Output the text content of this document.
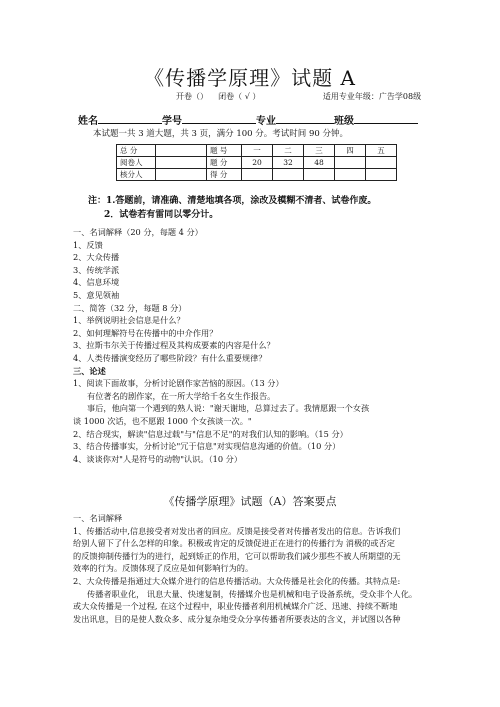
《传播学原理》试题 A
开卷（） 闭卷（ √ ）	适用专业年级：广告学08级
姓名	学号	专业	班级
本试题一共 3 道大题，共 3 页，满分 100 分。考试时间 90 分钟。
总 分		题 号	一	二	三	四	五
阅卷人		题 分	20	32	48		
核分人		得 分					
注：1.答题前，请准确、清楚地填各项，涂改及模糊不清者、试卷作废。
2．试卷若有雷同以零分计。
一、名词解释（20 分，每题 4 分）
1、反馈
2、大众传播
3、传统学派
4、信息环境
5、意见领袖
二、简答（32 分，每题 8 分）
1、举例说明社会信息是什么？
2、如何理解符号在传播中的中介作用？
3、拉斯韦尔关于传播过程及其构成要素的内容是什么？
4、人类传播演变经历了哪些阶段？有什么重要规律？
三、论述
1、阅读下面故事，分析讨论剧作家苦恼的原因。（13 分）
有位著名的剧作家，在一所大学给千名女生作报告。
事后，他向第一个遇到的熟人说："谢天谢地，总算过去了。我情愿跟一个女孩
谈 1000 次话，也不愿跟 1000 个女孩谈一次。"
2、结合现实，解读"信息过载"与"信息不足"的对我们认知的影响。（15 分）
3、结合传播事实，分析讨论"冗于信息"对实现信息沟通的价值。（10 分）
4、谈谈你对"人是符号的动物"认识。（10 分）
《传播学原理》试题（A）答案要点
一、名词解释
1、传播活动中,信息接受者对发出者的回应。反馈是接受者对传播者发出的信息。告诉我们
给别人留下了什么怎样的印象。积极或肯定的反馈促进正在进行的传播行为 消极的或否定
的反馈抑制传播行为的进行，起到矫正的作用，它可以帮助我们减少那些不被人所期望的无
效率的行为。反馈体现了反应是如何影响行为的。
2、大众传播是指通过大众媒介进行的信息传播活动。大众传播是社会化的传播。其特点是:
传播者职业化， 讯息大量、快速复制，传播媒介也是机械和电子设备系统，受众非个人化。
或大众传播是一个过程, 在这个过程中，职业传播者利用机械媒介广泛、迅速、持续不断地
发出讯息，目的是使人数众多、成分复杂地受众分享传播者所要表达的含义，并试图以各种
